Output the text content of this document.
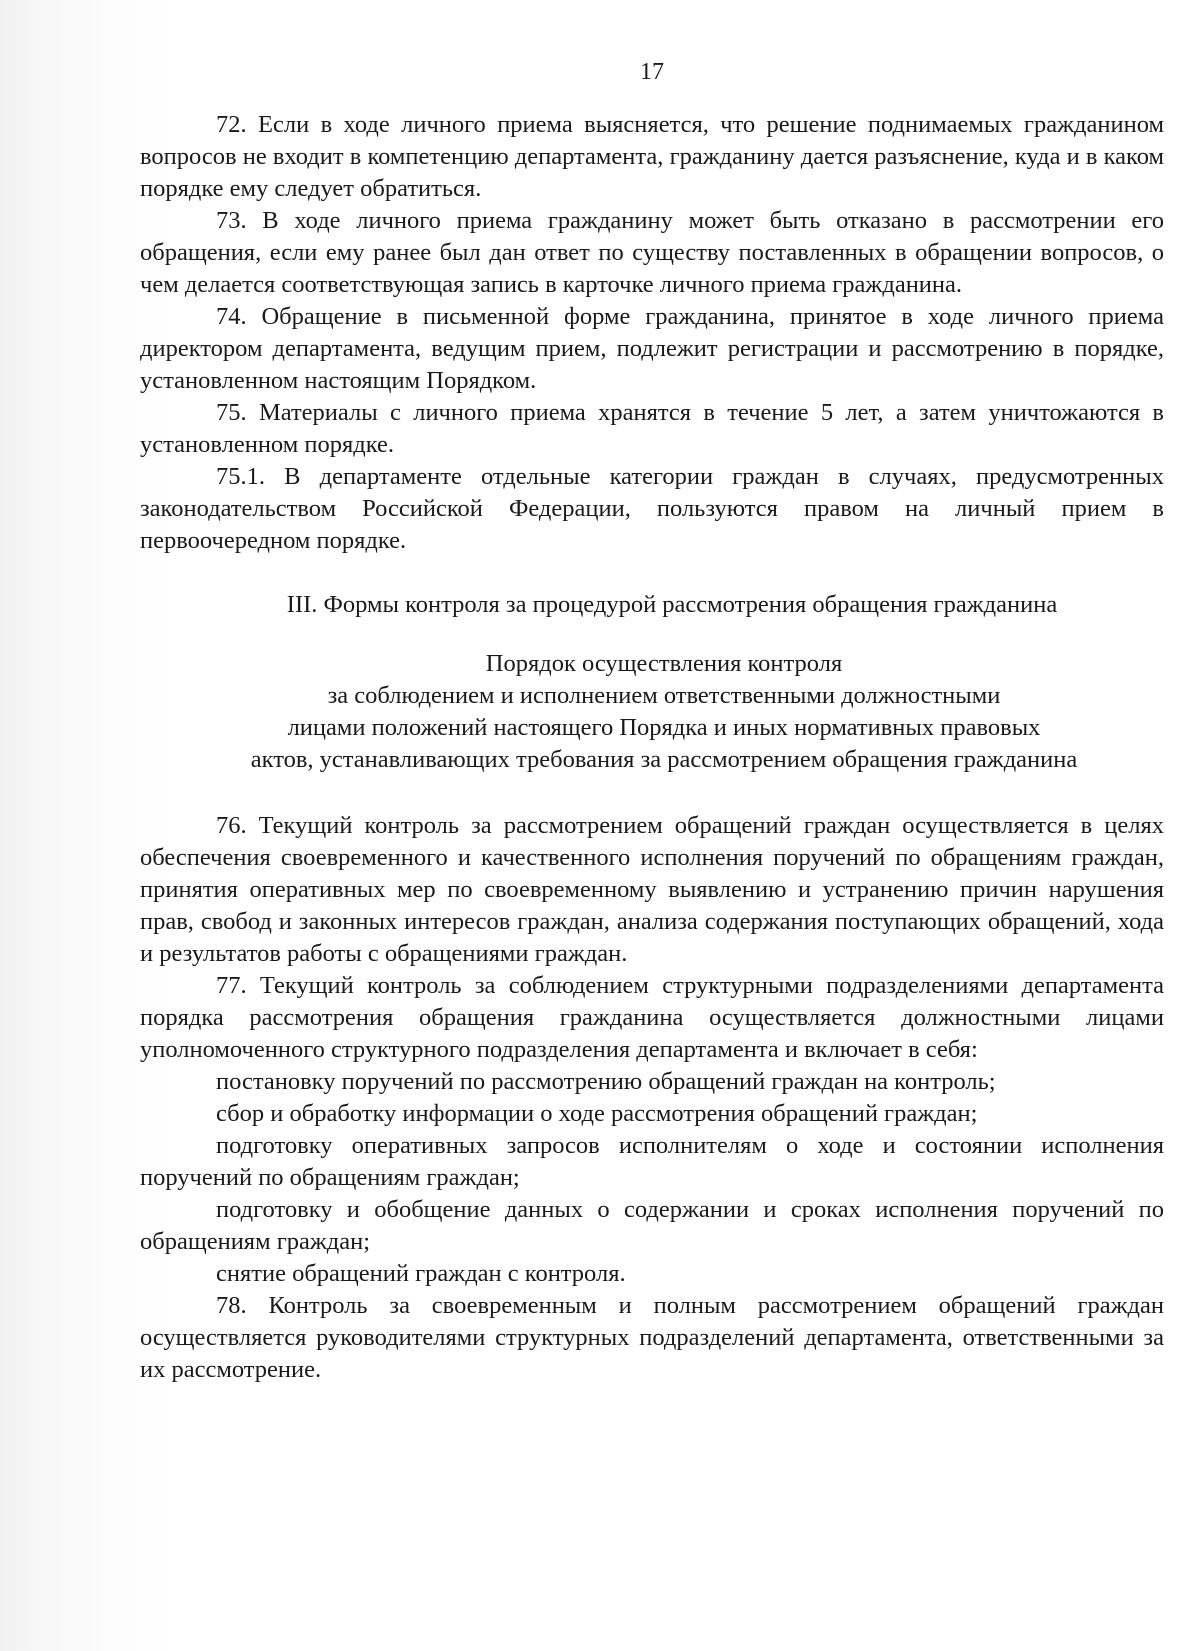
17

72. Если в ходе личного приема выясняется, что решение поднимаемых гражданином вопросов не входит в компетенцию департамента, гражданину дается разъяснение, куда и в каком порядке ему следует обратиться.

73. В ходе личного приема гражданину может быть отказано в рассмотрении его обращения, если ему ранее был дан ответ по существу поставленных в обращении вопросов, о чем делается соответствующая запись в карточке личного приема гражданина.

74. Обращение в письменной форме гражданина, принятое в ходе личного приема директором департамента, ведущим прием, подлежит регистрации и рассмотрению в порядке, установленном настоящим Порядком.

75. Материалы с личного приема хранятся в течение 5 лет, а затем уничтожаются в установленном порядке.

75.1. В департаменте отдельные категории граждан в случаях, предусмотренных законодательством Российской Федерации, пользуются правом на личный прием в первоочередном порядке.

III. Формы контроля за процедурой рассмотрения обращения гражданина
Порядок осуществления контроля
за соблюдением и исполнением ответственными должностными
лицами положений настоящего Порядка и иных нормативных правовых
актов, устанавливающих требования за рассмотрением обращения гражданина

76. Текущий контроль за рассмотрением обращений граждан осуществляется в целях обеспечения своевременного и качественного исполнения поручений по обращениям граждан, принятия оперативных мер по своевременному выявлению и устранению причин нарушения прав, свобод и законных интересов граждан, анализа содержания поступающих обращений, хода и результатов работы с обращениями граждан.

77. Текущий контроль за соблюдением структурными подразделениями департамента порядка рассмотрения обращения гражданина осуществляется должностными лицами уполномоченного структурного подразделения департамента и включает в себя:

постановку поручений по рассмотрению обращений граждан на контроль;

сбор и обработку информации о ходе рассмотрения обращений граждан;

подготовку оперативных запросов исполнителям о ходе и состоянии исполнения поручений по обращениям граждан;

подготовку и обобщение данных о содержании и сроках исполнения поручений по обращениям граждан;

снятие обращений граждан с контроля.

78. Контроль за своевременным и полным рассмотрением обращений граждан осуществляется руководителями структурных подразделений департамента, ответственными за их рассмотрение.
